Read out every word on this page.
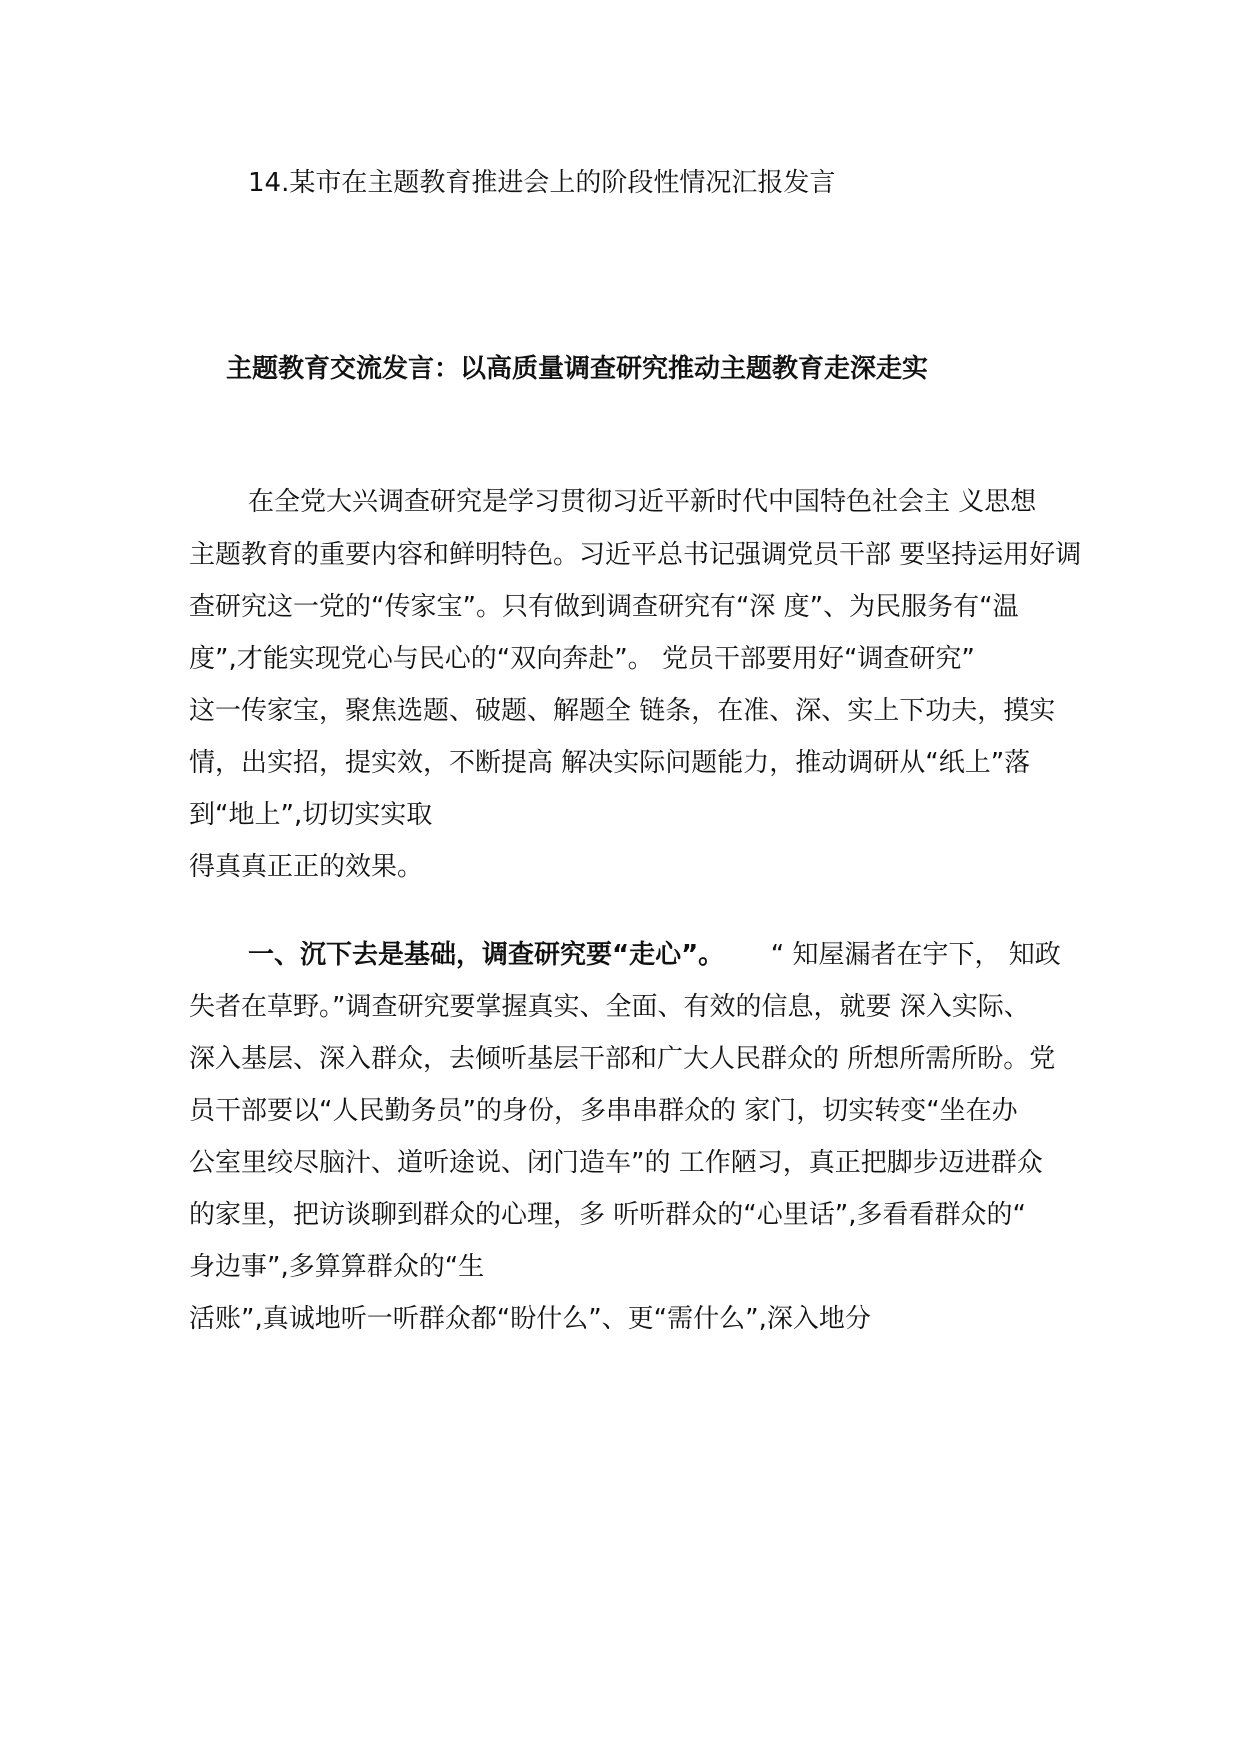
14.某市在主题教育推进会上的阶段性情况汇报发言
主题教育交流发言：以高质量调查研究推动主题教育走深走实
在全党大兴调查研究是学习贯彻习近平新时代中国特色社会主 义思想
主题教育的重要内容和鲜明特色。习近平总书记强调党员干部 要坚持运用好调
查研究这一党的“传家宝”。只有做到调查研究有“深 度”、为民服务有“温
度”,才能实现党心与民心的“双向奔赴”。 党员干部要用好“调查研究”
这一传家宝，聚焦选题、破题、解题全 链条，在准、深、实上下功夫，摸实
情，出实招，提实效，不断提高 解决实际问题能力，推动调研从“纸上”落
到“地上”,切切实实取
得真真正正的效果。
一、沉下去是基础，调查研究要“走心”。 “ 知屋漏者在宇下， 知政
失者在草野。”调查研究要掌握真实、全面、有效的信息，就要 深入实际、
深入基层、深入群众，去倾听基层干部和广大人民群众的 所想所需所盼。党
员干部要以“人民勤务员”的身份，多串串群众的 家门，切实转变“坐在办
公室里绞尽脑汁、道听途说、闭门造车”的 工作陋习，真正把脚步迈进群众
的家里，把访谈聊到群众的心理，多 听听群众的“心里话”,多看看群众的“
身边事”,多算算群众的“生
活账”,真诚地听一听群众都“盼什么”、更“需什么”,深入地分
